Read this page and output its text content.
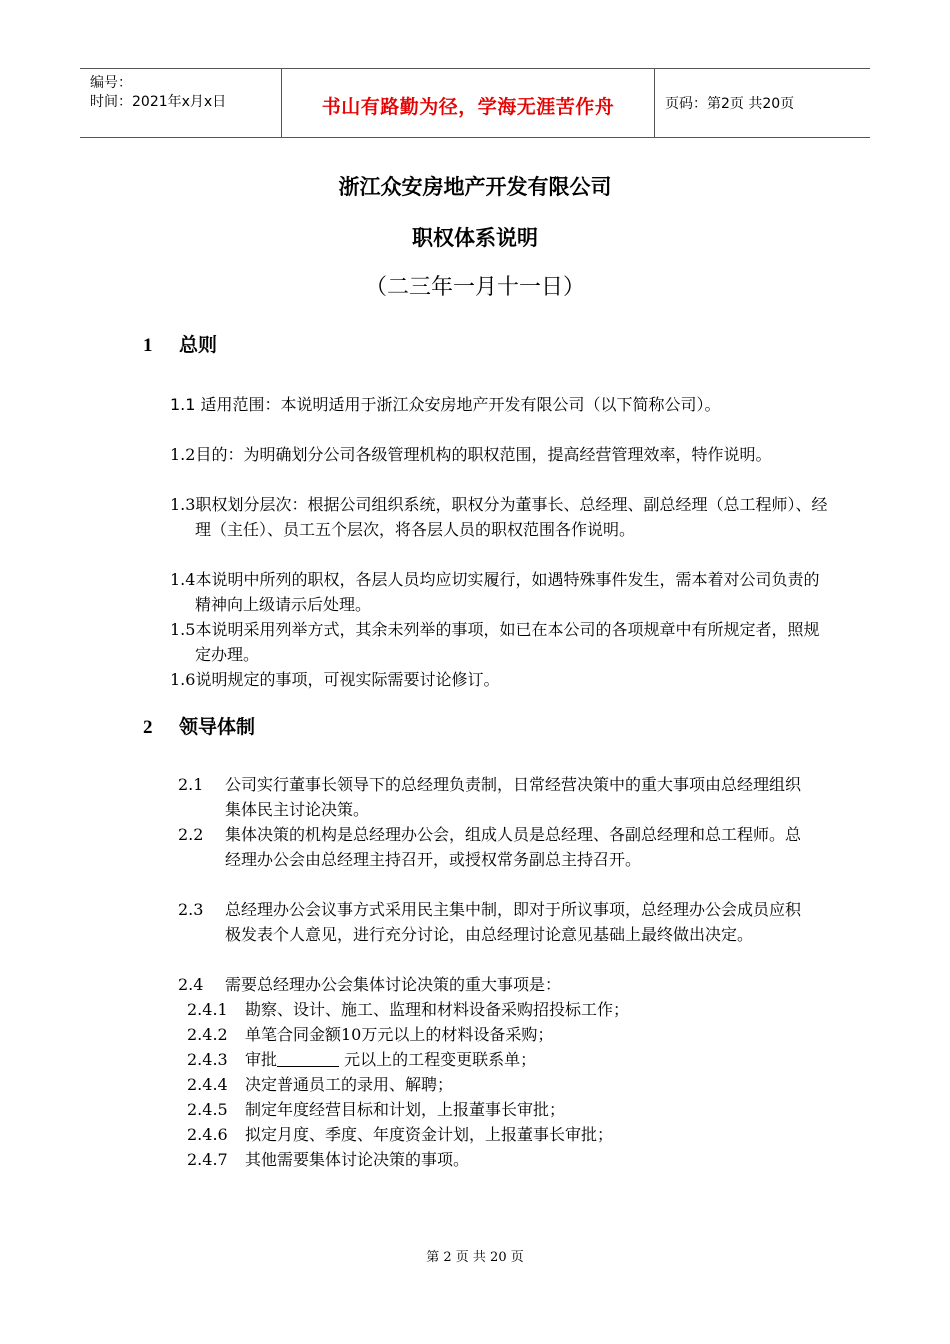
编号：
时间：2021年x月x日	书山有路勤为径，学海无涯苦作舟	页码：第2页 共20页
浙江众安房地产开发有限公司
职权体系说明
（二三年一月十一日）
1 总则
1.1 适用范围：本说明适用于浙江众安房地产开发有限公司（以下简称公司）。
1.2目的：为明确划分公司各级管理机构的职权范围，提高经营管理效率，特作说明。
1.3职权划分层次：根据公司组织系统，职权分为董事长、总经理、副总经理（总工程师）、经理（主任）、员工五个层次，将各层人员的职权范围各作说明。
1.4本说明中所列的职权，各层人员均应切实履行，如遇特殊事件发生，需本着对公司负责的精神向上级请示后处理。
1.5本说明采用列举方式，其余未列举的事项，如已在本公司的各项规章中有所规定者，照规定办理。
1.6说明规定的事项，可视实际需要讨论修订。
2 领导体制
2.1 公司实行董事长领导下的总经理负责制，日常经营决策中的重大事项由总经理组织集体民主讨论决策。
2.2 集体决策的机构是总经理办公会，组成人员是总经理、各副总经理和总工程师。总经理办公会由总经理主持召开，或授权常务副总主持召开。
2.3 总经理办公会议事方式采用民主集中制，即对于所议事项，总经理办公会成员应积极发表个人意见，进行充分讨论，由总经理讨论意见基础上最终做出决定。
2.4 需要总经理办公会集体讨论决策的重大事项是：
2.4.1 勘察、设计、施工、监理和材料设备采购招投标工作；
2.4.2 单笔合同金额10万元以上的材料设备采购；
2.4.3 审批	元以上的工程变更联系单；
2.4.4 决定普通员工的录用、解聘；
2.4.5 制定年度经营目标和计划，上报董事长审批；
2.4.6 拟定月度、季度、年度资金计划，上报董事长审批；
2.4.7 其他需要集体讨论决策的事项。
第 2 页 共 20 页
